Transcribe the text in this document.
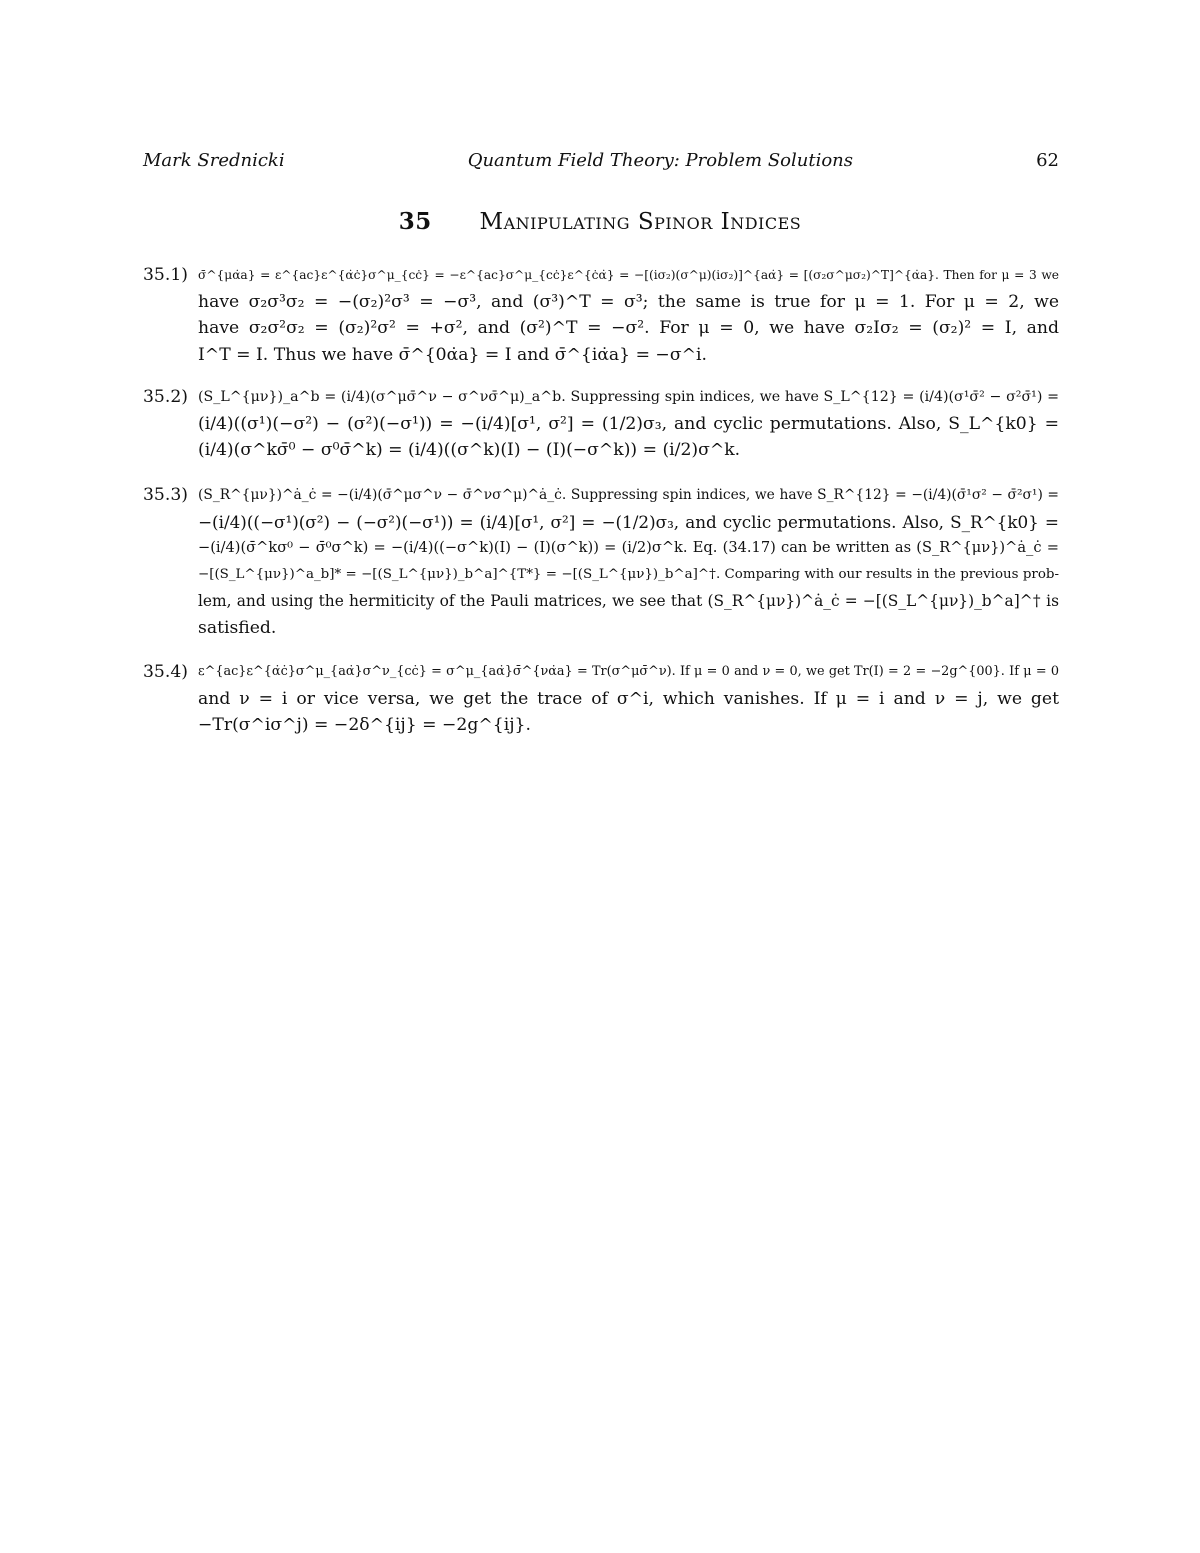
Mark Srednicki	Quantum Field Theory: Problem Solutions	62
35 Manipulating Spinor Indices
35.1) σ̄^{μα̇a} = ε^{ac}ε^{α̇ċ}σ^μ_{cċ} = −ε^{ac}σ^μ_{cċ}ε^{ċα̇} = −[(iσ₂)(σ^μ)(iσ₂)]^{aα̇} = [(σ₂σ^μσ₂)^T]^{α̇a}. Then for μ = 3 we
have σ₂σ³σ₂ = −(σ₂)²σ³ = −σ³, and (σ³)^T = σ³; the same is true for μ = 1. For μ = 2, we
have σ₂σ²σ₂ = (σ₂)²σ² = +σ², and (σ²)^T = −σ². For μ = 0, we have σ₂Iσ₂ = (σ₂)² = I, and
I^T = I. Thus we have σ̄^{0α̇a} = I and σ̄^{iα̇a} = −σ^i.
35.2) (S_L^{μν})_a^b = (i/4)(σ^μσ̄^ν − σ^νσ̄^μ)_a^b. Suppressing spin indices, we have S_L^{12} = (i/4)(σ¹σ̄² − σ²σ̄¹) =
(i/4)((σ¹)(−σ²) − (σ²)(−σ¹)) = −(i/4)[σ¹, σ²] = (1/2)σ₃, and cyclic permutations. Also, S_L^{k0} =
(i/4)(σ^kσ̄⁰ − σ⁰σ̄^k) = (i/4)((σ^k)(I) − (I)(−σ^k)) = (i/2)σ^k.
35.3) (S_R^{μν})^ȧ_ċ = −(i/4)(σ̄^μσ^ν − σ̄^νσ^μ)^ȧ_ċ. Suppressing spin indices, we have S_R^{12} = −(i/4)(σ̄¹σ² − σ̄²σ¹) =
−(i/4)((−σ¹)(σ²) − (−σ²)(−σ¹)) = (i/4)[σ¹, σ²] = −(1/2)σ₃, and cyclic permutations. Also, S_R^{k0} =
−(i/4)(σ̄^kσ⁰ − σ̄⁰σ^k) = −(i/4)((−σ^k)(I) − (I)(σ^k)) = (i/2)σ^k. Eq. (34.17) can be written as (S_R^{μν})^ȧ_ċ =
−[(S_L^{μν})^a_b]* = −[(S_L^{μν})_b^a]^{T*} = −[(S_L^{μν})_b^a]^†. Comparing with our results in the previous prob-
lem, and using the hermiticity of the Pauli matrices, we see that (S_R^{μν})^ȧ_ċ = −[(S_L^{μν})_b^a]^† is
satisfied.
35.4) ε^{ac}ε^{α̇ċ}σ^μ_{aα̇}σ^ν_{cċ} = σ^μ_{aα̇}σ̄^{να̇a} = Tr(σ^μσ̄^ν). If μ = 0 and ν = 0, we get Tr(I) = 2 = −2g^{00}. If μ = 0
and ν = i or vice versa, we get the trace of σ^i, which vanishes. If μ = i and ν = j, we get
−Tr(σ^iσ^j) = −2δ^{ij} = −2g^{ij}.
